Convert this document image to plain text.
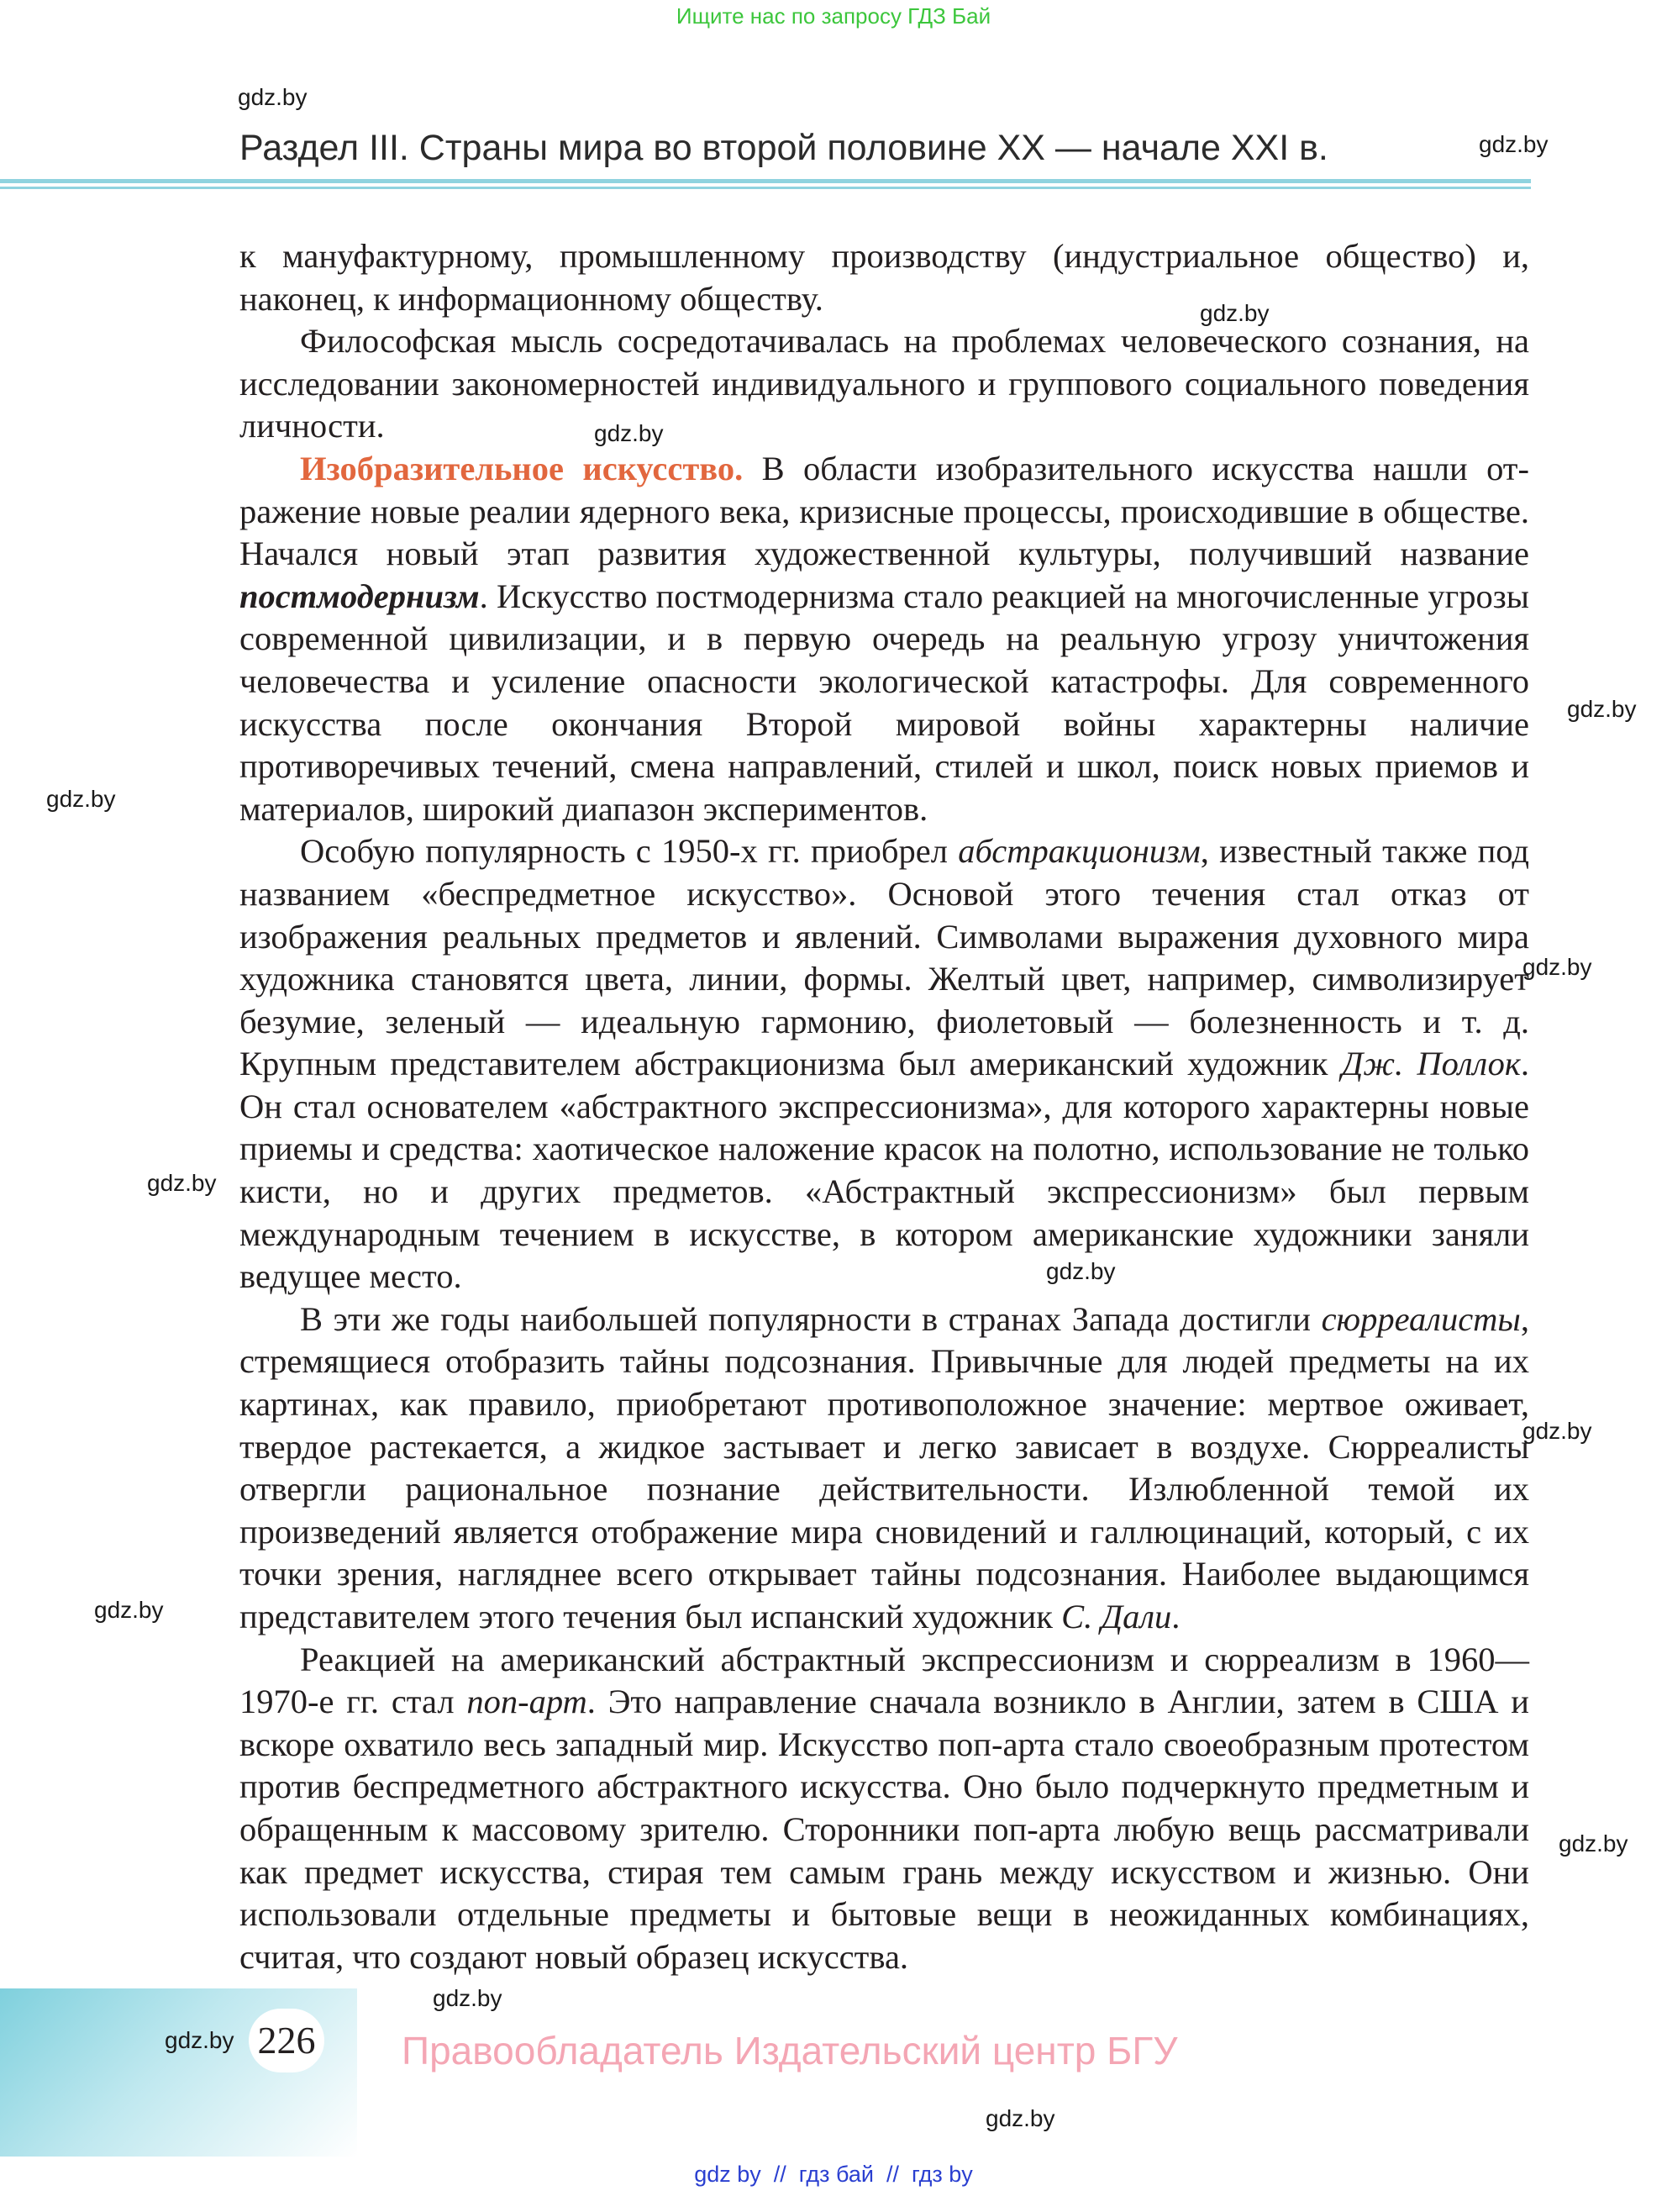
Ищите нас по запросу ГДЗ Бай
gdz.by
gdz.by
Раздел III. Страны мира во второй половине XX — начале XXI в.

к мануфактурному, промышленному производству (индустриальное общество) и, наконец, к информационному обществу.

Философская мысль сосредотачивалась на проблемах человеческого сознания, на исследовании закономерностей индивидуального и группового социального поведения личности.

Изобразительное искусство. В области изобразительного искусства нашли отражение новые реалии ядерного века, кризисные процессы, происходившие в обществе. Начался новый этап развития художественной культуры, получивший название постмодернизм. Искусство постмодернизма стало реакцией на многочисленные угрозы современной цивилизации, и в первую очередь на реальную угрозу уничтожения человечества и усиление опасности экологической катастрофы. Для современного искусства после окончания Второй мировой войны характерны наличие противоречивых течений, смена направлений, стилей и школ, поиск новых приемов и материалов, широкий диапазон экспериментов.

Особую популярность с 1950-х гг. приобрел абстракционизм, известный также под названием «беспредметное искусство». Основой этого течения стал отказ от изображения реальных предметов и явлений. Символами выражения духовного мира художника становятся цвета, линии, формы. Желтый цвет, например, символизирует безумие, зеленый — идеальную гармонию, фиолетовый — болезненность и т. д. Крупным представителем абстракционизма был американский художник Дж. Поллок. Он стал основателем «абстрактного экспрессионизма», для которого характерны новые приемы и средства: хаотическое наложение красок на полотно, использование не только кисти, но и других предметов. «Абстрактный экспрессионизм» был первым международным течением в искусстве, в котором американские художники заняли ведущее место.

В эти же годы наибольшей популярности в странах Запада достигли сюрреалисты, стремящиеся отобразить тайны подсознания. Привычные для людей предметы на их картинах, как правило, приобретают противоположное значение: мертвое оживает, твердое растекается, а жидкое застывает и легко зависает в воздухе. Сюрреалисты отвергли рациональное познание действительности. Излюбленной темой их произведений является отображение мира сновидений и галлюцинаций, который, с их точки зрения, нагляднее всего открывает тайны подсознания. Наиболее выдающимся представителем этого течения был испанский художник С. Дали.

Реакцией на американский абстрактный экспрессионизм и сюрреализм в 1960—1970-е гг. стал поп-арт. Это направление сначала возникло в Англии, затем в США и вскоре охватило весь западный мир. Искусство поп-арта стало своеобразным протестом против беспредметного абстрактного искусства. Оно было подчеркнуто предметным и обращенным к массовому зрителю. Сторонники поп-арта любую вещь рассматривали как предмет искусства, стирая тем самым грань между искусством и жизнью. Они использовали отдельные предметы и бытовые вещи в неожиданных комбинациях, считая, что создают новый образец искусства.

gdz.by
gdz.by
gdz.by
gdz.by
gdz.by
gdz.by
gdz.by
gdz.by
gdz.by
gdz.by
gdz.by
gdz.by 226 Правообладатель Издательский центр БГУ
gdz.by
gdz by  //  гдз бай  //  гдз by
